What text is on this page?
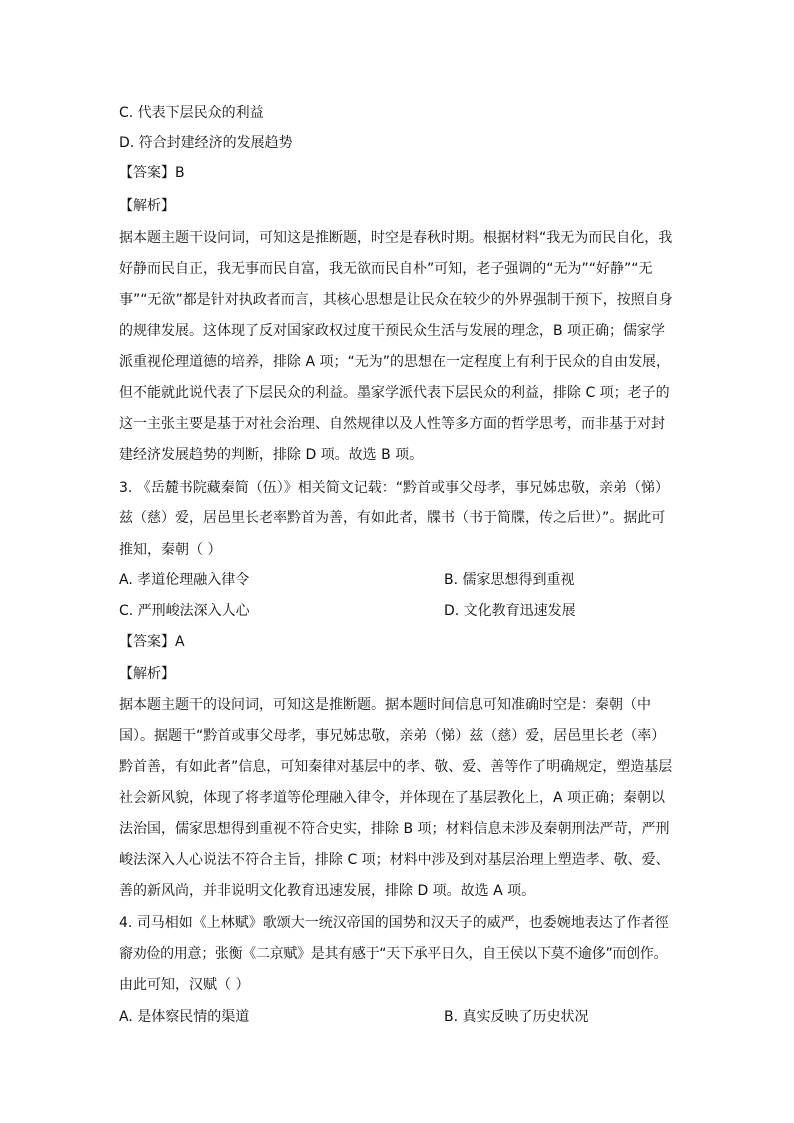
C. 代表下层民众的利益
D. 符合封建经济的发展趋势
【答案】B
【解析】
据本题主题干设问词，可知这是推断题，时空是春秋时期。根据材料“我无为而民自化，我
好静而民自正，我无事而民自富，我无欲而民自朴”可知，老子强调的“无为”“好静”“无
事”“无欲”都是针对执政者而言，其核心思想是让民众在较少的外界强制干预下，按照自身
的规律发展。这体现了反对国家政权过度干预民众生活与发展的理念，B 项正确；儒家学
派重视伦理道德的培养，排除 A 项；“无为”的思想在一定程度上有利于民众的自由发展，
但不能就此说代表了下层民众的利益。墨家学派代表下层民众的利益，排除 C 项；老子的
这一主张主要是基于对社会治理、自然规律以及人性等多方面的哲学思考，而非基于对封
建经济发展趋势的判断，排除 D 项。故选 B 项。
3. 《岳麓书院藏秦简（伍）》相关简文记载：“黔首或事父母孝，事兄姊忠敬，亲弟（悌）
兹（慈）爱，居邑里长老率黔首为善，有如此者，牒书（书于简牒，传之后世）”。据此可
推知，秦朝（ ）
A. 孝道伦理融入律令	B. 儒家思想得到重视
C. 严刑峻法深入人心	D. 文化教育迅速发展
【答案】A
【解析】
据本题主题干的设问词，可知这是推断题。据本题时间信息可知准确时空是：秦朝（中
国）。据题干“黔首或事父母孝，事兄姊忠敬，亲弟（悌）兹（慈）爱，居邑里长老（率）
黔首善，有如此者”信息，可知秦律对基层中的孝、敬、爱、善等作了明确规定，塑造基层
社会新风貌，体现了将孝道等伦理融入律令，并体现在了基层教化上，A 项正确；秦朝以
法治国，儒家思想得到重视不符合史实，排除 B 项；材料信息未涉及秦朝刑法严苛，严刑
峻法深入人心说法不符合主旨，排除 C 项；材料中涉及到对基层治理上塑造孝、敬、爱、
善的新风尚，并非说明文化教育迅速发展，排除 D 项。故选 A 项。
4. 司马相如《上林赋》歌颂大一统汉帝国的国势和汉天子的威严，也委婉地表达了作者徑
窬劝俭的用意；张衡《二京赋》是其有感于“天下承平日久，自王侯以下莫不逾侈”而创作。
由此可知，汉赋（ ）
A. 是体察民情的渠道	B. 真实反映了历史状况
